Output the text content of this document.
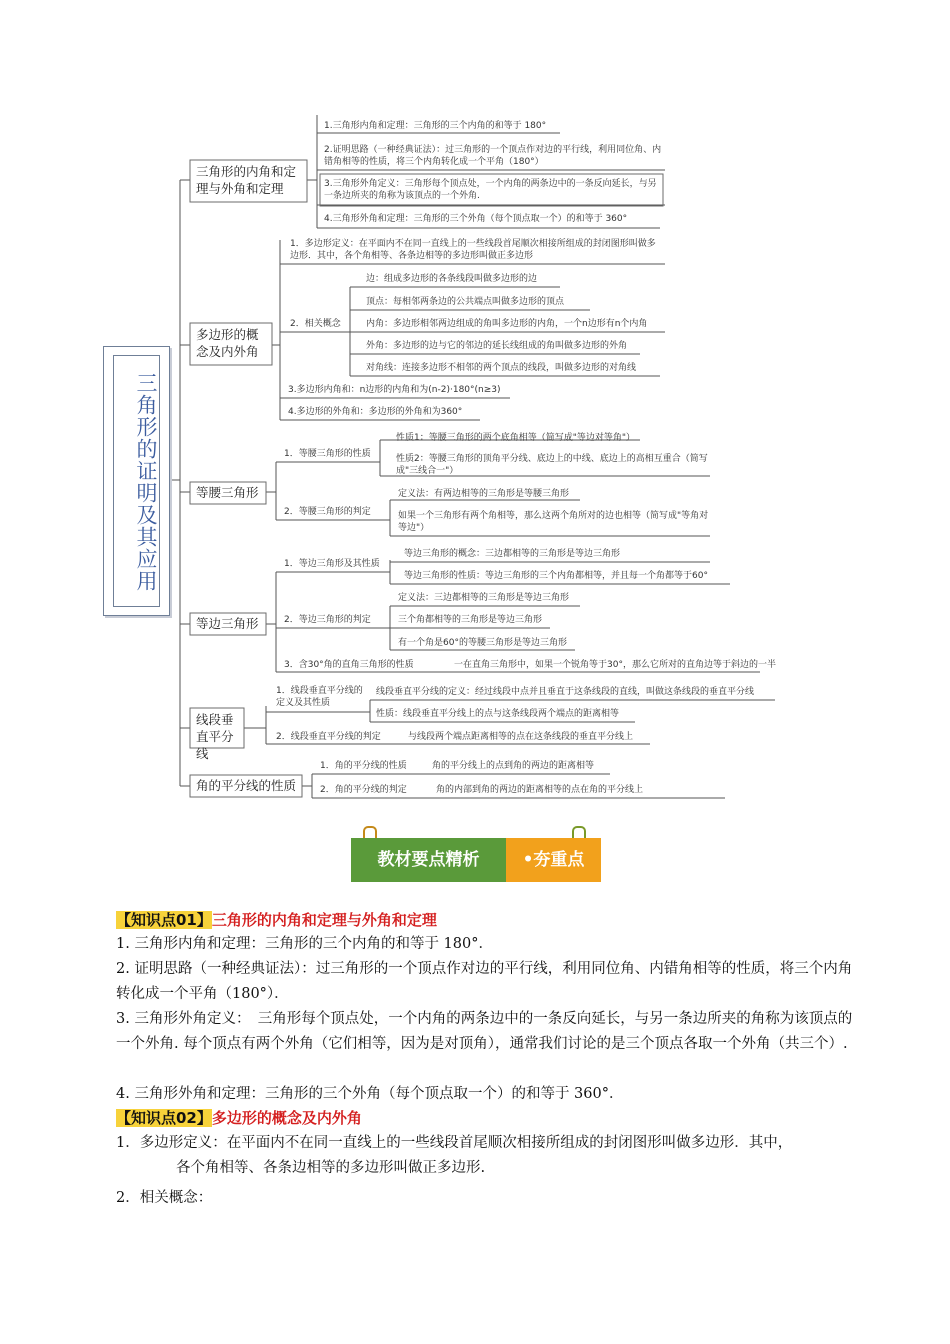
三角形的证明及其应用
三角形的内角和定理与外角和定理
多边形的概念及内外角
等腰三角形
等边三角形
线段垂直平分线
角的平分线的性质
1.三角形内角和定理：三角形的三个内角的和等于 180°
2.证明思路（一种经典证法）：过三角形的一个顶点作对边的平行线，利用同位角、内错角相等的性质，将三个内角转化成一个平角（180°）
3.三角形外角定义：三角形每个顶点处，一个内角的两条边中的一条反向延长，与另一条边所夹的角称为该顶点的一个外角.
4.三角形外角和定理：三角形的三个外角（每个顶点取一个）的和等于 360°
1．多边形定义：在平面内不在同一直线上的一些线段首尾顺次相接所组成的封闭图形叫做多边形．其中，各个角相等、各条边相等的多边形叫做正多边形
2．相关概念
3.多边形内角和：n边形的内角和为(n-2)·180°(n≥3)
4.多边形的外角和：多边形的外角和为360°
边：组成多边形的各条线段叫做多边形的边
顶点：每相邻两条边的公共端点叫做多边形的顶点
内角：多边形相邻两边组成的角叫多边形的内角，一个n边形有n个内角
外角：多边形的边与它的邻边的延长线组成的角叫做多边形的外角
对角线：连接多边形不相邻的两个顶点的线段，叫做多边形的对角线
1．等腰三角形的性质
2．等腰三角形的判定
性质1：等腰三角形的两个底角相等（简写成"等边对等角"）
性质2：等腰三角形的顶角平分线、底边上的中线、底边上的高相互重合（简写成"三线合一"）
定义法：有两边相等的三角形是等腰三角形
如果一个三角形有两个角相等，那么这两个角所对的边也相等（简写成"等角对等边"）
1．等边三角形及其性质
2．等边三角形的判定
3．含30°角的直角三角形的性质
等边三角形的概念：三边都相等的三角形是等边三角形
等边三角形的性质：等边三角形的三个内角都相等，并且每一个角都等于60°
定义法：三边都相等的三角形是等边三角形
三个角都相等的三角形是等边三角形
有一个角是60°的等腰三角形是等边三角形
一在直角三角形中，如果一个锐角等于30°，那么它所对的直角边等于斜边的一半
1．线段垂直平分线的定义及其性质
2．线段垂直平分线的判定
线段垂直平分线的定义：经过线段中点并且垂直于这条线段的直线，叫做这条线段的垂直平分线
性质：线段垂直平分线上的点与这条线段两个端点的距离相等
与线段两个端点距离相等的点在这条线段的垂直平分线上
1．角的平分线的性质
2．角的平分线的判定
角的平分线上的点到角的两边的距离相等
角的内部到角的两边的距离相等的点在角的平分线上
教材要点精析	•夯重点
【知识点01】三角形的内角和定理与外角和定理
1. 三角形内角和定理：三角形的三个内角的和等于 180°．
2. 证明思路（一种经典证法）：过三角形的一个顶点作对边的平行线，利用同位角、内错角相等的性质，将三个内角转化成一个平角（180°）．
3. 三角形外角定义：　三角形每个顶点处，一个内角的两条边中的一条反向延长，与另一条边所夹的角称为该顶点的一个外角. 每个顶点有两个外角（它们相等，因为是对顶角），通常我们讨论的是三个顶点各取一个外角（共三个）.
4. 三角形外角和定理：三角形的三个外角（每个顶点取一个）的和等于 360°．
【知识点02】多边形的概念及内外角
1．多边形定义：在平面内不在同一直线上的一些线段首尾顺次相接所组成的封闭图形叫做多边形．其中，
各个角相等、各条边相等的多边形叫做正多边形.
2．相关概念：
